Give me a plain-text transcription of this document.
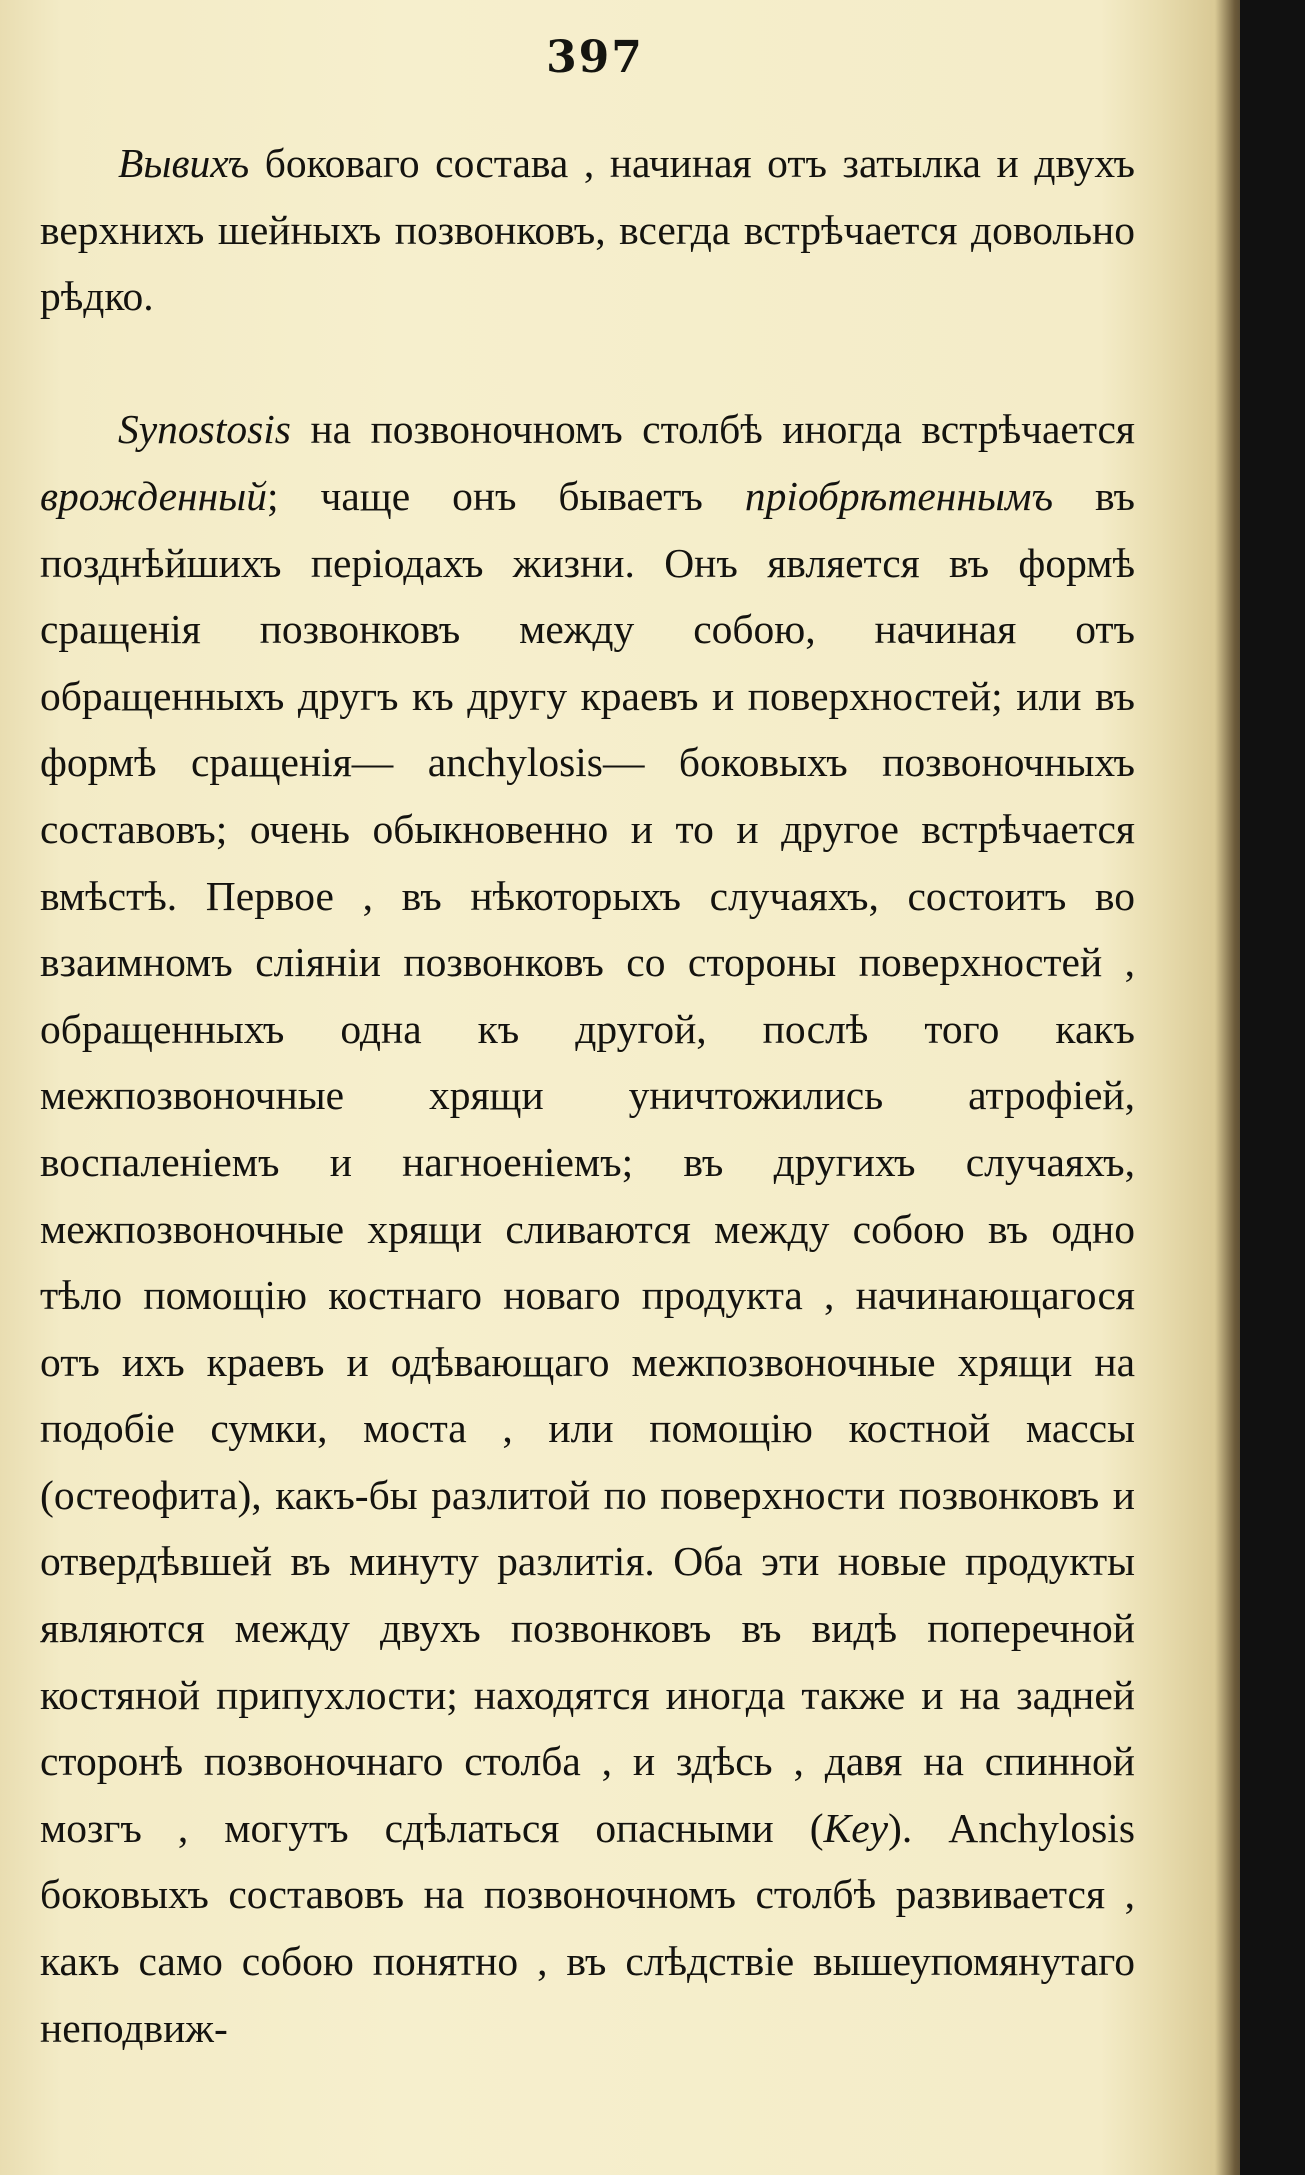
397

Вывихъ боковаго состава , начиная отъ затылка и двухъ верхнихъ шейныхъ позвонковъ, всегда встрѣчается довольно рѣдко.

Synostosis на позвоночномъ столбѣ иногда встрѣчается врожденный; чаще онъ бываетъ пріобрѣтеннымъ въ позднѣйшихъ періодахъ жизни. Онъ является въ формѣ сращенія позвонковъ между собою, начиная отъ обращенныхъ другъ къ другу краевъ и поверхностей; или въ формѣ сращенія— anchylosis— боковыхъ позвоночныхъ составовъ; очень обыкновенно и то и другое встрѣчается вмѣстѣ. Первое , въ нѣкоторыхъ случаяхъ, состоитъ во взаимномъ сліяніи позвонковъ со стороны поверхностей , обращенныхъ одна къ другой, послѣ того какъ межпозвоночные хрящи уничтожились атрофіей, воспаленіемъ и нагноеніемъ; въ другихъ случаяхъ, межпозвоночные хрящи сливаются между собою въ одно тѣло помощію костнаго новаго продукта , начинающагося отъ ихъ краевъ и одѣвающаго межпозвоночные хрящи на подобіе сумки, моста , или помощію костной массы (остеофита), какъ-бы разлитой по поверхности позвонковъ и отвердѣвшей въ минуту разлитія. Оба эти новые продукты являются между двухъ позвонковъ въ видѣ поперечной костяной припухлости; находятся иногда также и на задней сторонѣ позвоночнаго столба , и здѣсь , давя на спинной мозгъ , могутъ сдѣлаться опасными (Key). Anchylosis боковыхъ составовъ на позвоночномъ столбѣ развивается , какъ само собою понятно , въ слѣдствіе вышеупомянутаго неподвиж-
